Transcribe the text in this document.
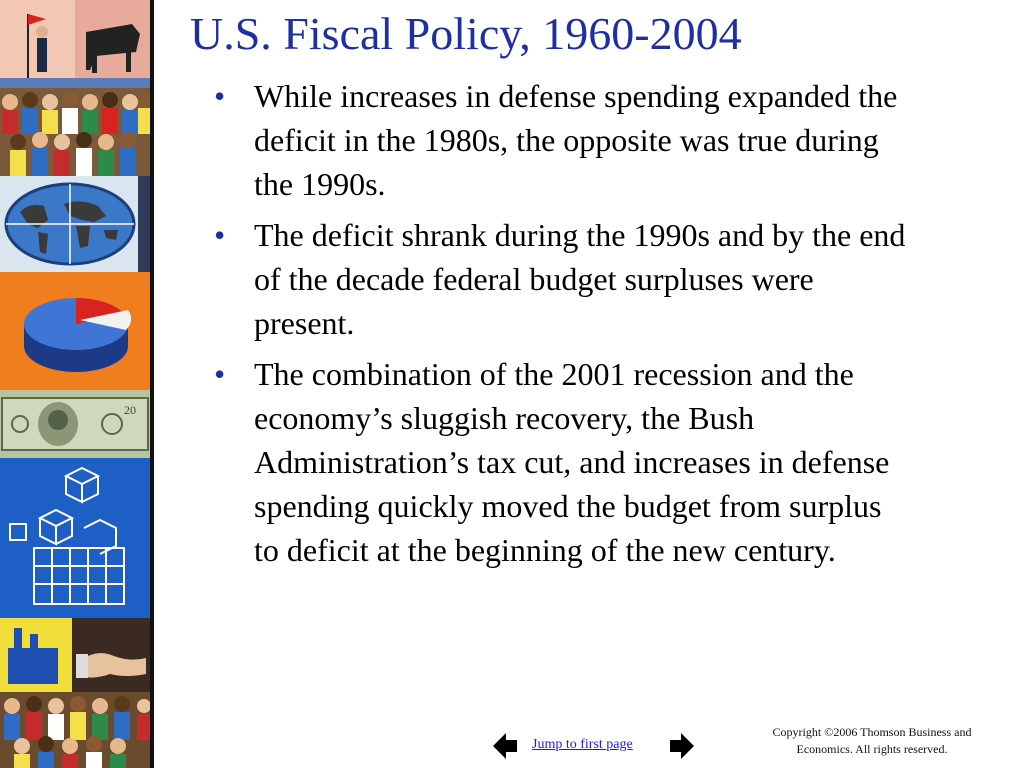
20
U.S. Fiscal Policy, 1960-2004
• While increases in defense spending expanded the deficit in the 1980s, the opposite was true during the 1990s.
• The deficit shrank during the 1990s and by the end of the decade federal budget surpluses were present.
• The combination of the 2001 recession and the economy’s sluggish recovery, the Bush Administration’s tax cut, and increases in defense spending quickly moved the budget from surplus to deficit at the beginning of the new century.
Jump to first page
Copyright ©2006 Thomson Business and
Economics. All rights reserved.
